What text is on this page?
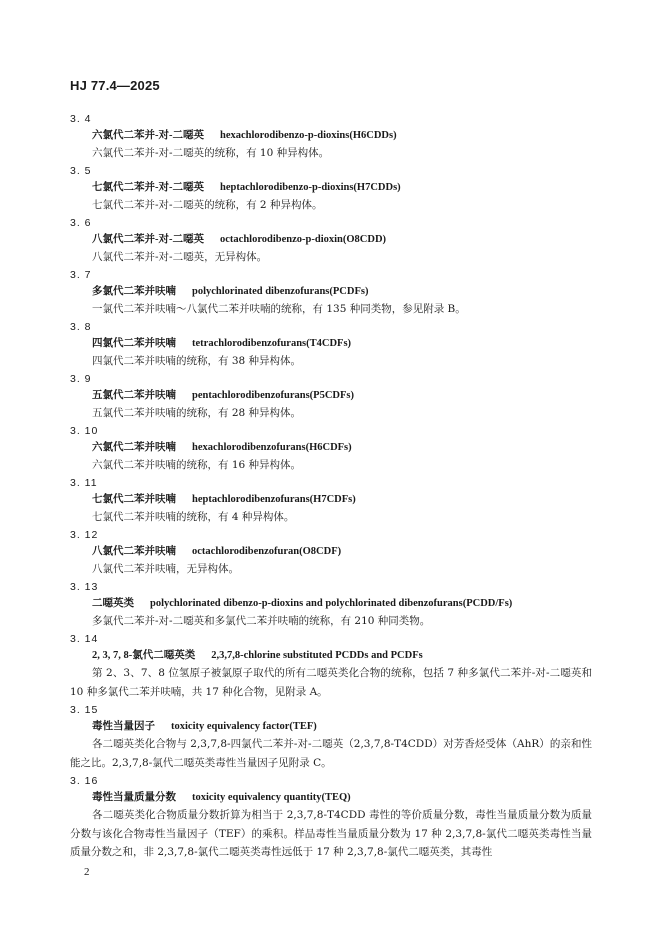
HJ 77.4—2025
3. 4
六氯代二苯并-对-二噁英 hexachlorodibenzo-p-dioxins(H6CDDs)
六氯代二苯并-对-二噁英的统称，有 10 种异构体。
3. 5
七氯代二苯并-对-二噁英 heptachlorodibenzo-p-dioxins(H7CDDs)
七氯代二苯并-对-二噁英的统称，有 2 种异构体。
3. 6
八氯代二苯并-对-二噁英 octachlorodibenzo-p-dioxin(O8CDD)
八氯代二苯并-对-二噁英，无异构体。
3. 7
多氯代二苯并呋喃 polychlorinated dibenzofurans(PCDFs)
一氯代二苯并呋喃～八氯代二苯并呋喃的统称，有 135 种同类物，参见附录 B。
3. 8
四氯代二苯并呋喃 tetrachlorodibenzofurans(T4CDFs)
四氯代二苯并呋喃的统称，有 38 种异构体。
3. 9
五氯代二苯并呋喃 pentachlorodibenzofurans(P5CDFs)
五氯代二苯并呋喃的统称，有 28 种异构体。
3. 10
六氯代二苯并呋喃 hexachlorodibenzofurans(H6CDFs)
六氯代二苯并呋喃的统称，有 16 种异构体。
3. 11
七氯代二苯并呋喃 heptachlorodibenzofurans(H7CDFs)
七氯代二苯并呋喃的统称，有 4 种异构体。
3. 12
八氯代二苯并呋喃 octachlorodibenzofuran(O8CDF)
八氯代二苯并呋喃，无异构体。
3. 13
二噁英类 polychlorinated dibenzo-p-dioxins and polychlorinated dibenzofurans(PCDD/Fs)
多氯代二苯并-对-二噁英和多氯代二苯并呋喃的统称，有 210 种同类物。
3. 14
2, 3, 7, 8-氯代二噁英类 2,3,7,8-chlorine substituted PCDDs and PCDFs
第 2、3、7、8 位氢原子被氯原子取代的所有二噁英类化合物的统称，包括 7 种多氯代二苯并-对-二噁英和 10 种多氯代二苯并呋喃，共 17 种化合物，见附录 A。
3. 15
毒性当量因子 toxicity equivalency factor(TEF)
各二噁英类化合物与 2,3,7,8-四氯代二苯并-对-二噁英（2,3,7,8-T4CDD）对芳香烃受体（AhR）的亲和性能之比。2,3,7,8-氯代二噁英类毒性当量因子见附录 C。
3. 16
毒性当量质量分数 toxicity equivalency quantity(TEQ)
各二噁英类化合物质量分数折算为相当于 2,3,7,8-T4CDD 毒性的等价质量分数，毒性当量质量分数为质量分数与该化合物毒性当量因子（TEF）的乘积。样品毒性当量质量分数为 17 种 2,3,7,8-氯代二噁英类毒性当量质量分数之和，非 2,3,7,8-氯代二噁英类毒性远低于 17 种 2,3,7,8-氯代二噁英类，其毒性
2
